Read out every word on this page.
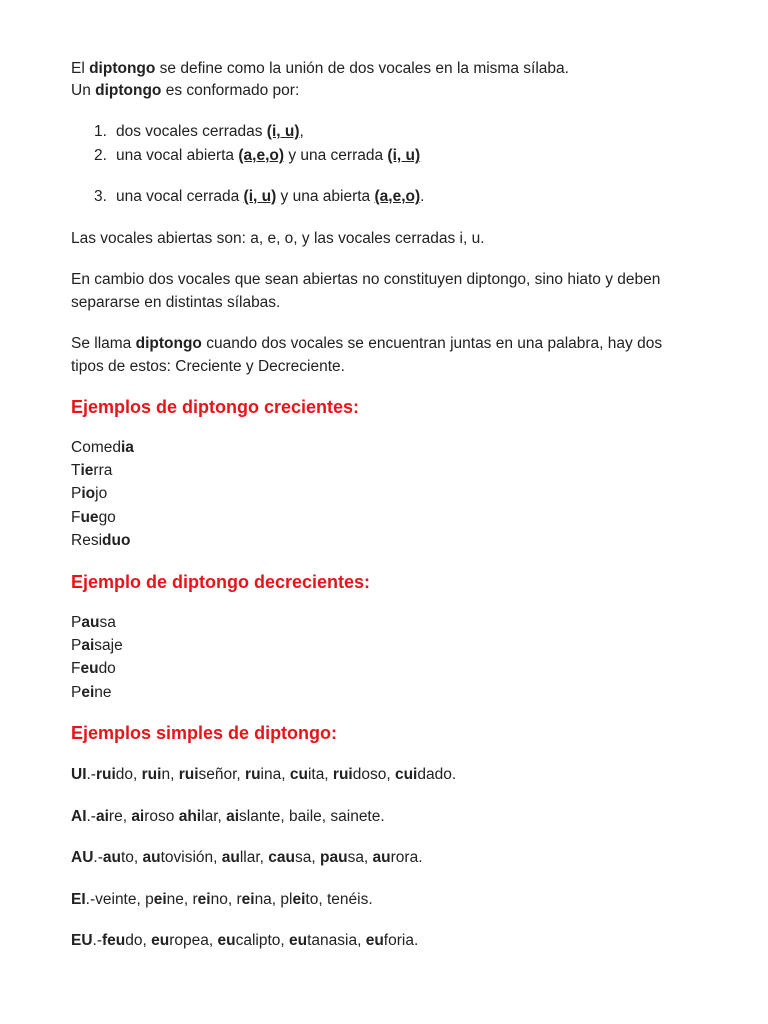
El diptongo se define como la unión de dos vocales en la misma sílaba.
Un diptongo es conformado por:
1. dos vocales cerradas (i, u),
2. una vocal abierta (a,e,o) y una cerrada (i, u)
3. una vocal cerrada (i, u) y una abierta (a,e,o).
Las vocales abiertas son: a, e, o, y las vocales cerradas i, u.
En cambio dos vocales que sean abiertas no constituyen diptongo, sino hiato y deben
separarse en distintas sílabas.
Se llama diptongo cuando dos vocales se encuentran juntas en una palabra, hay dos
tipos de estos: Creciente y Decreciente.
Ejemplos de diptongo crecientes:
Comedia
Tierra
Piojo
Fuego
Residuo
Ejemplo de diptongo decrecientes:
Pausa
Paisaje
Feudo
Peine
Ejemplos simples de diptongo:
UI.-ruido, ruin, ruiseñor, ruina, cuita, ruidoso, cuidado.
AI.-aire, airoso ahilar, aislante, baile, sainete.
AU.-auto, autovisión, aullar, causa, pausa, aurora.
EI.-veinte, peine, reino, reina, pleito, tenéis.
EU.-feudo, europea, eucalipto, eutanasia, euforia.
